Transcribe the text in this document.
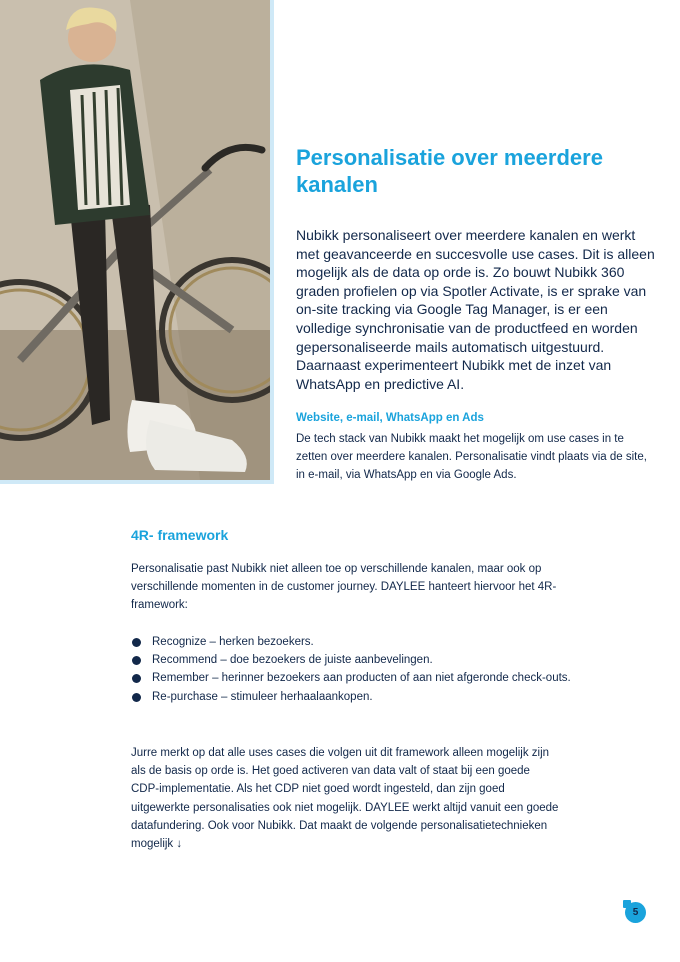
Personalisatie over meerdere kanalen

Nubikk personaliseert over meerdere kanalen en werkt met geavanceerde en succesvolle use cases. Dit is alleen mogelijk als de data op orde is. Zo bouwt Nubikk 360 graden profielen op via Spotler Activate, is er sprake van on-site tracking via Google Tag Manager, is er een volledige synchronisatie van de productfeed en worden gepersonaliseerde mails automatisch uitgestuurd. Daarnaast experimenteert Nubikk met de inzet van WhatsApp en predictive AI.

Website, e-mail, WhatsApp en Ads

De tech stack van Nubikk maakt het mogelijk om use cases in te zetten over meerdere kanalen. Personalisatie vindt plaats via de site, in e-mail, via WhatsApp en via Google Ads.

4R- framework

Personalisatie past Nubikk niet alleen toe op verschillende kanalen, maar ook op verschillende momenten in de customer journey. DAYLEE hanteert hiervoor het 4R-framework:

Recognize – herken bezoekers.
Recommend – doe bezoekers de juiste aanbevelingen.
Remember – herinner bezoekers aan producten of aan niet afgeronde check-outs.
Re-purchase – stimuleer herhaalaankopen.

Jurre merkt op dat alle uses cases die volgen uit dit framework alleen mogelijk zijn als de basis op orde is. Het goed activeren van data valt of staat bij een goede CDP-implementatie. Als het CDP niet goed wordt ingesteld, dan zijn goed uitgewerkte personalisaties ook niet mogelijk. DAYLEE werkt altijd vanuit een goede datafundering. Ook voor Nubikk. Dat maakt de volgende personalisatietechnieken mogelijk ↓

5
